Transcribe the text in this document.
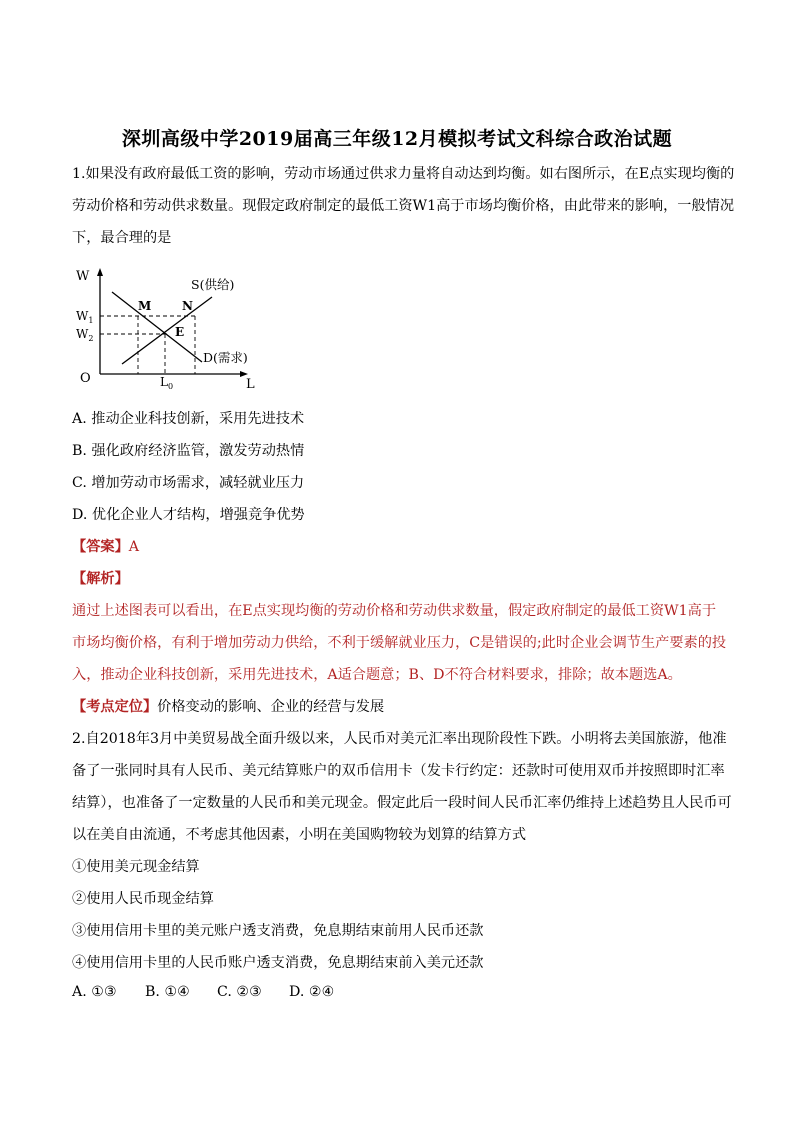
深圳高级中学2019届高三年级12月模拟考试文科综合政治试题
1.如果没有政府最低工资的影响，劳动市场通过供求力量将自动达到均衡。如右图所示，在E点实现均衡的
劳动价格和劳动供求数量。现假定政府制定的最低工资W1高于市场均衡价格，由此带来的影响，一般情况
下，最合理的是
W
O	L
$W_1$
$W_2$
$L_0$
M	N
E
S(供给)
D(需求)
A. 推动企业科技创新，采用先进技术
B. 强化政府经济监管，激发劳动热情
C. 增加劳动市场需求，减轻就业压力
D. 优化企业人才结构，增强竞争优势
【答案】A
【解析】
通过上述图表可以看出，在E点实现均衡的劳动价格和劳动供求数量，假定政府制定的最低工资W1高于
市场均衡价格，有利于增加劳动力供给，不利于缓解就业压力，C是错误的;此时企业会调节生产要素的投
入，推动企业科技创新，采用先进技术，A适合题意；B、D不符合材料要求，排除；故本题选A。
【考点定位】价格变动的影响、企业的经营与发展
2.自2018年3月中美贸易战全面升级以来，人民币对美元汇率出现阶段性下跌。小明将去美国旅游，他准
备了一张同时具有人民币、美元结算账户的双币信用卡（发卡行约定：还款时可使用双币并按照即时汇率
结算），也准备了一定数量的人民币和美元现金。假定此后一段时间人民币汇率仍维持上述趋势且人民币可
以在美自由流通，不考虑其他因素，小明在美国购物较为划算的结算方式
①使用美元现金结算
②使用人民币现金结算
③使用信用卡里的美元账户透支消费，免息期结束前用人民币还款
④使用信用卡里的人民币账户透支消费，免息期结束前入美元还款
A. ①③ B. ①④ C. ②③ D. ②④
